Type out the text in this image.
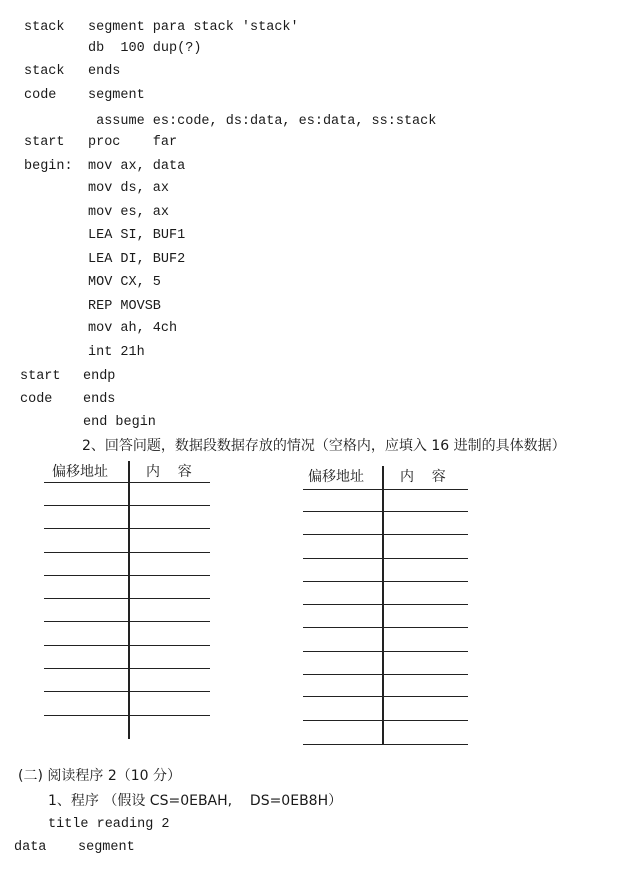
stack segment para stack 'stack'
db  100 dup(?)
stack ends
code segment
assume es:code, ds:data, es:data, ss:stack
start proc    far
begin: mov ax, data
mov ds, ax
mov es, ax
LEA SI, BUF1
LEA DI, BUF2
MOV CX, 5
REP MOVSB
mov ah, 4ch
int 21h
start endp
code ends
end begin
2、回答问题，数据段数据存放的情况（空格内，应填入 16 进制的具体数据）
偏移地址	内    容	偏移地址	内    容
(二) 阅读程序 2（10 分）
1、程序 （假设 CS=0EBAH,    DS=0EB8H）
title reading 2
data segment
